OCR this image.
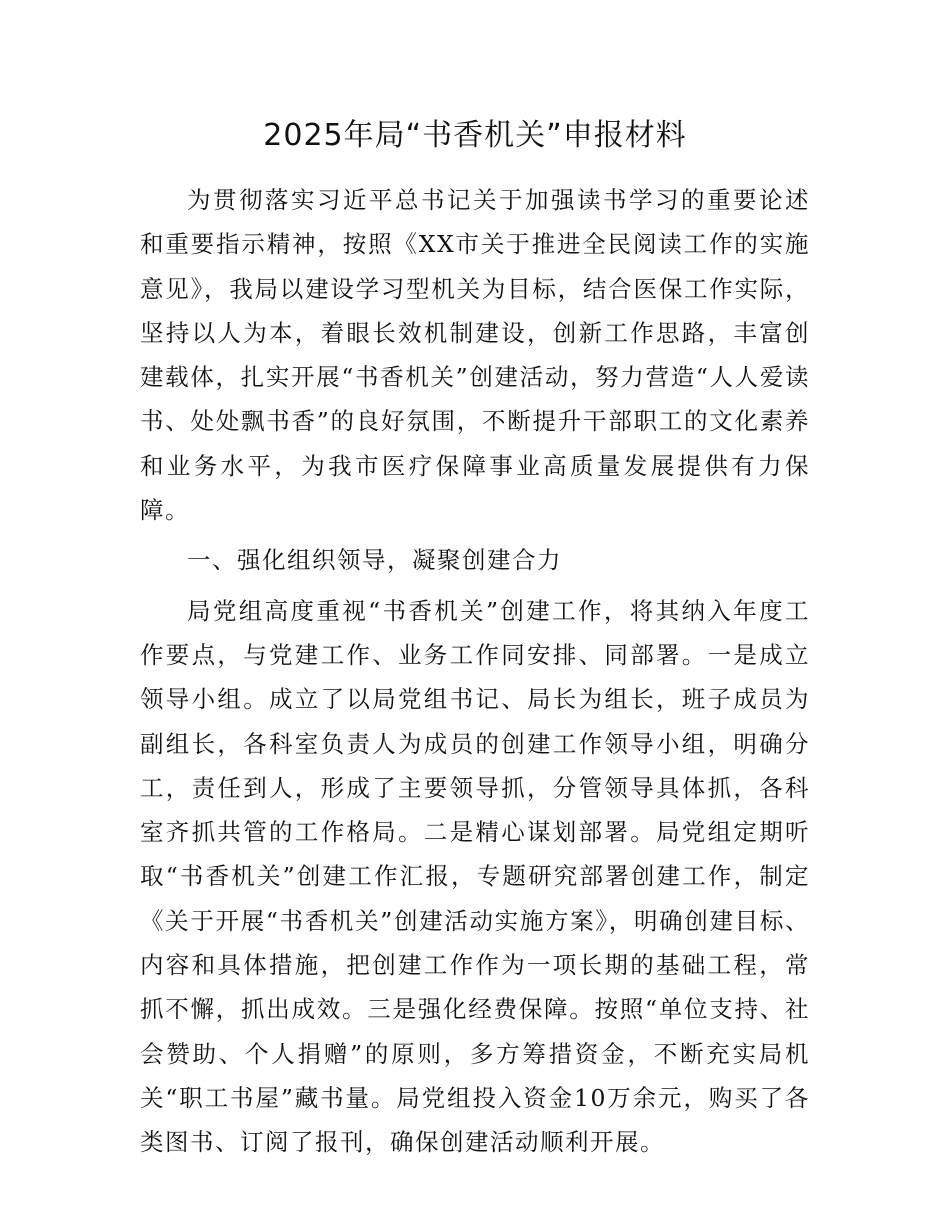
2025年局“书香机关”申报材料

为贯彻落实习近平总书记关于加强读书学习的重要论述和重要指示精神，按照《XX市关于推进全民阅读工作的实施意见》，我局以建设学习型机关为目标，结合医保工作实际，坚持以人为本，着眼长效机制建设，创新工作思路，丰富创建载体，扎实开展“书香机关”创建活动，努力营造“人人爱读书、处处飘书香”的良好氛围，不断提升干部职工的文化素养和业务水平，为我市医疗保障事业高质量发展提供有力保障。

一、强化组织领导，凝聚创建合力

局党组高度重视“书香机关”创建工作，将其纳入年度工作要点，与党建工作、业务工作同安排、同部署。一是成立领导小组。成立了以局党组书记、局长为组长，班子成员为副组长，各科室负责人为成员的创建工作领导小组，明确分工，责任到人，形成了主要领导抓，分管领导具体抓，各科室齐抓共管的工作格局。二是精心谋划部署。局党组定期听取“书香机关”创建工作汇报，专题研究部署创建工作，制定《关于开展“书香机关”创建活动实施方案》，明确创建目标、内容和具体措施，把创建工作作为一项长期的基础工程，常抓不懈，抓出成效。三是强化经费保障。按照“单位支持、社会赞助、个人捐赠”的原则，多方筹措资金，不断充实局机关“职工书屋”藏书量。局党组投入资金10万余元，购买了各类图书、订阅了报刊，确保创建活动顺利开展。
